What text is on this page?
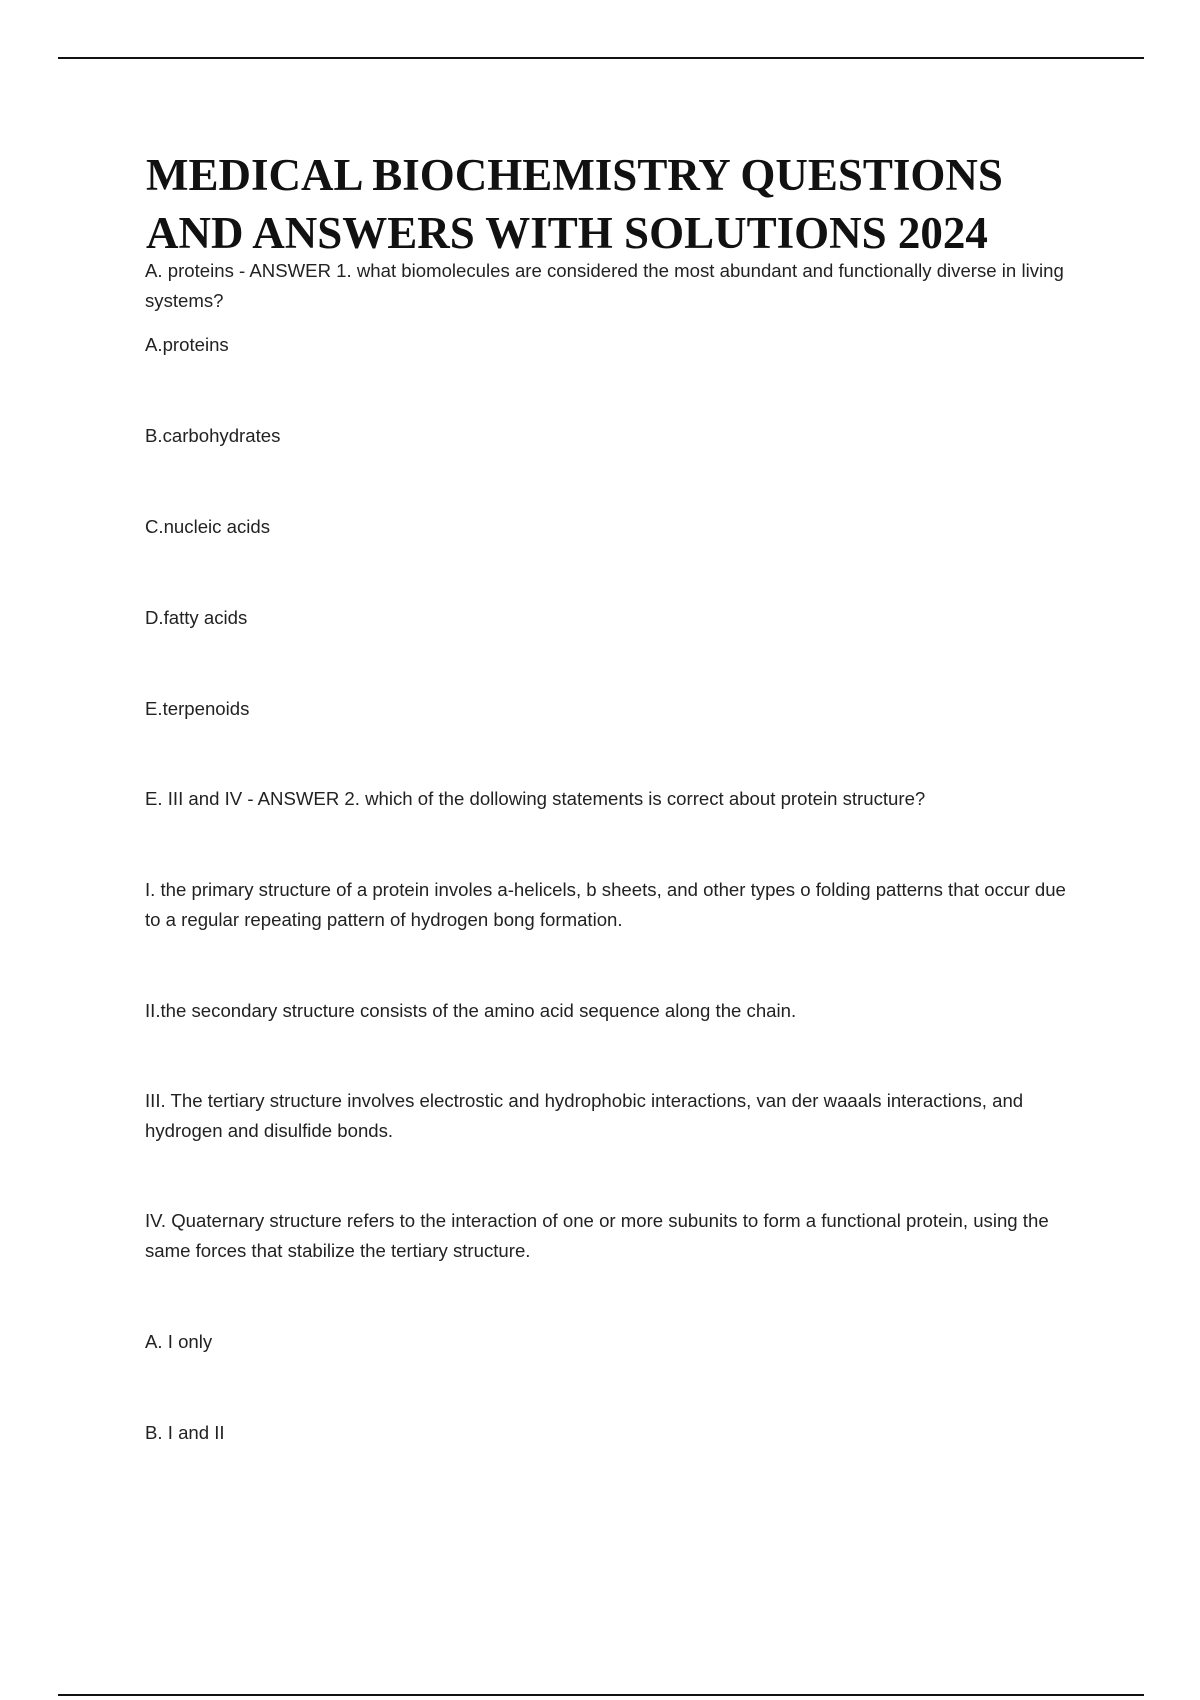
MEDICAL BIOCHEMISTRY QUESTIONS AND ANSWERS WITH SOLUTIONS 2024

A. proteins - ANSWER 1. what biomolecules are considered the most abundant and functionally diverse in living systems?

A.proteins

B.carbohydrates

C.nucleic acids

D.fatty acids

E.terpenoids

E. III and IV - ANSWER 2. which of the dollowing statements is correct about protein structure?

I. the primary structure of a protein involes a-helicels, b sheets, and other types o folding patterns that occur due to a regular repeating pattern of hydrogen bong formation.

II.the secondary structure consists of the amino acid sequence along the chain.

III. The tertiary structure involves electrostic and hydrophobic interactions, van der waaals interactions, and hydrogen and disulfide bonds.

IV. Quaternary structure refers to the interaction of one or more subunits to form a functional protein, using the same forces that stabilize the tertiary structure.

A. I only

B. I and II
